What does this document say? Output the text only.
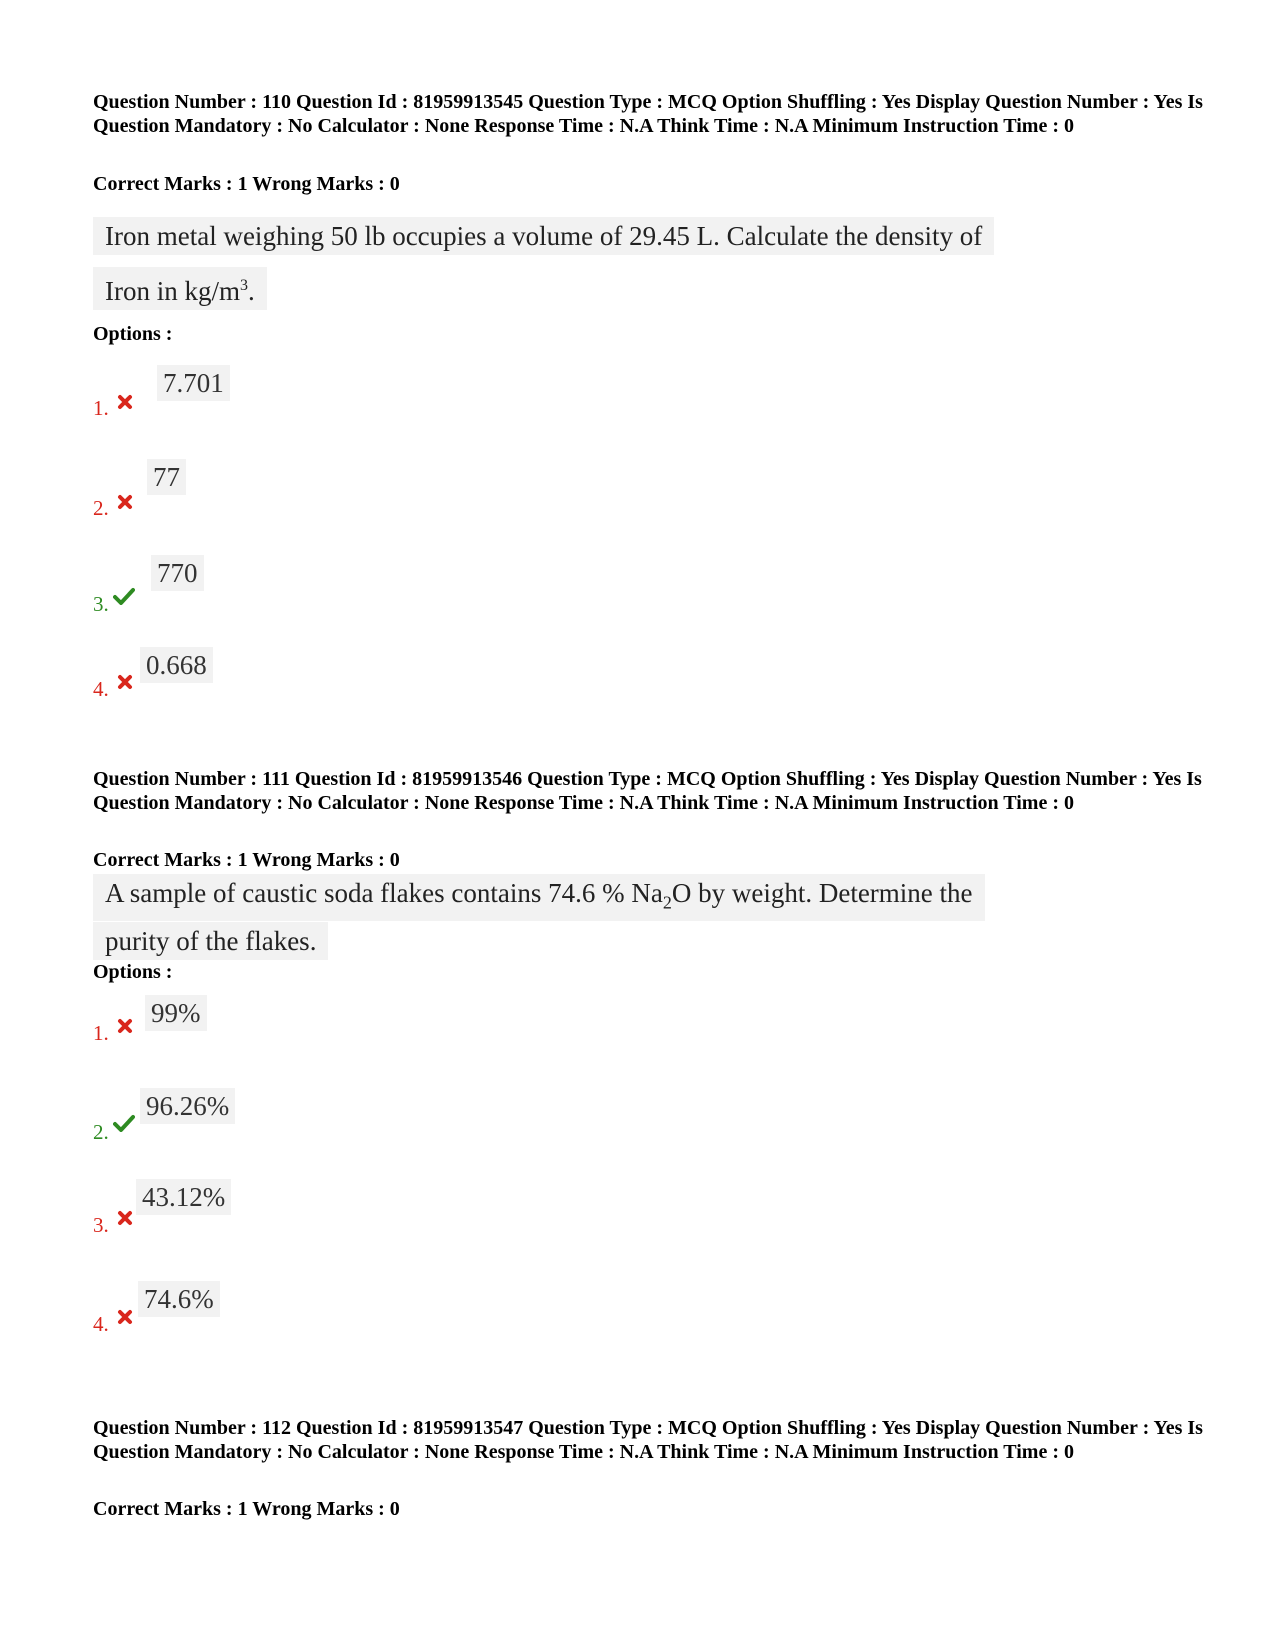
Question Number : 110 Question Id : 81959913545 Question Type : MCQ Option Shuffling : Yes Display Question Number : Yes Is Question Mandatory : No Calculator : None Response Time : N.A Think Time : N.A Minimum Instruction Time : 0
Correct Marks : 1 Wrong Marks : 0
Iron metal weighing 50 lb occupies a volume of 29.45 L. Calculate the density of
Iron in $kg/m^3$.
Options :
1.
7.701
2.
77
3.
770
4.
0.668
Question Number : 111 Question Id : 81959913546 Question Type : MCQ Option Shuffling : Yes Display Question Number : Yes Is Question Mandatory : No Calculator : None Response Time : N.A Think Time : N.A Minimum Instruction Time : 0
Correct Marks : 1 Wrong Marks : 0
A sample of caustic soda flakes contains 74.6 % $Na_2O$ by weight. Determine the
purity of the flakes.
Options :
1.
99%
2.
96.26%
3.
43.12%
4.
74.6%
Question Number : 112 Question Id : 81959913547 Question Type : MCQ Option Shuffling : Yes Display Question Number : Yes Is Question Mandatory : No Calculator : None Response Time : N.A Think Time : N.A Minimum Instruction Time : 0
Correct Marks : 1 Wrong Marks : 0
